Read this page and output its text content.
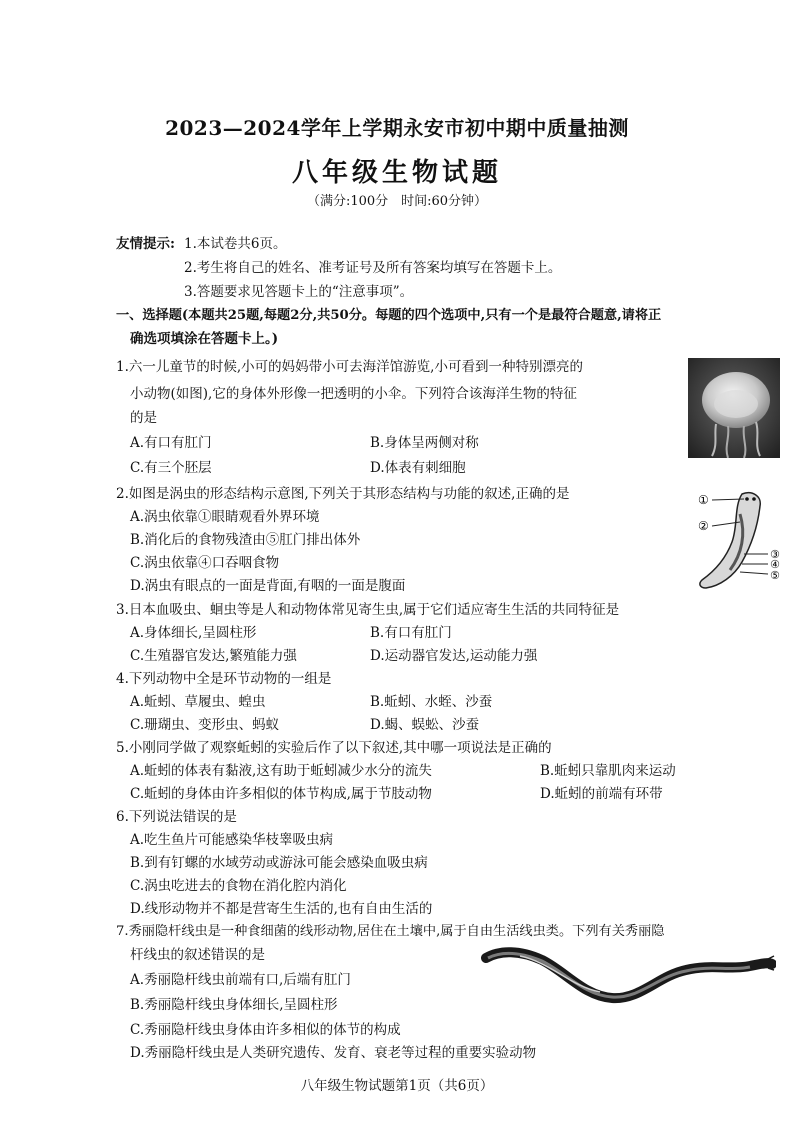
2023—2024学年上学期永安市初中期中质量抽测
八年级生物试题
（满分:100分　时间:60分钟）
友情提示: 1.本试卷共6页。
2.考生将自己的姓名、准考证号及所有答案均填写在答题卡上。
3.答题要求见答题卡上的“注意事项”。
一、选择题(本题共25题,每题2分,共50分。每题的四个选项中,只有一个是最符合题意,请将正
确选项填涂在答题卡上。)
1.六一儿童节的时候,小可的妈妈带小可去海洋馆游览,小可看到一种特别漂亮的
小动物(如图),它的身体外形像一把透明的小伞。下列符合该海洋生物的特征
的是
A.有口有肛门	B.身体呈两侧对称
C.有三个胚层	D.体表有刺细胞
2.如图是涡虫的形态结构示意图,下列关于其形态结构与功能的叙述,正确的是
A.涡虫依靠①眼睛观看外界环境
B.消化后的食物残渣由⑤肛门排出体外
C.涡虫依靠④口吞咽食物
D.涡虫有眼点的一面是背面,有咽的一面是腹面
①
②
③
④
⑤
3.日本血吸虫、蛔虫等是人和动物体常见寄生虫,属于它们适应寄生生活的共同特征是
A.身体细长,呈圆柱形	B.有口有肛门
C.生殖器官发达,繁殖能力强	D.运动器官发达,运动能力强
4.下列动物中全是环节动物的一组是
A.蚯蚓、草履虫、蝗虫	B.蚯蚓、水蛭、沙蚕
C.珊瑚虫、变形虫、蚂蚁	D.蝎、蜈蚣、沙蚕
5.小刚同学做了观察蚯蚓的实验后作了以下叙述,其中哪一项说法是正确的
A.蚯蚓的体表有黏液,这有助于蚯蚓减少水分的流失	B.蚯蚓只靠肌肉来运动
C.蚯蚓的身体由许多相似的体节构成,属于节肢动物	D.蚯蚓的前端有环带
6.下列说法错误的是
A.吃生鱼片可能感染华枝睾吸虫病
B.到有钉螺的水域劳动或游泳可能会感染血吸虫病
C.涡虫吃进去的食物在消化腔内消化
D.线形动物并不都是营寄生生活的,也有自由生活的
7.秀丽隐杆线虫是一种食细菌的线形动物,居住在土壤中,属于自由生活线虫类。下列有关秀丽隐
杆线虫的叙述错误的是
A.秀丽隐杆线虫前端有口,后端有肛门
B.秀丽隐杆线虫身体细长,呈圆柱形
C.秀丽隐杆线虫身体由许多相似的体节的构成
D.秀丽隐杆线虫是人类研究遗传、发育、衰老等过程的重要实验动物
八年级生物试题第1页（共6页）
